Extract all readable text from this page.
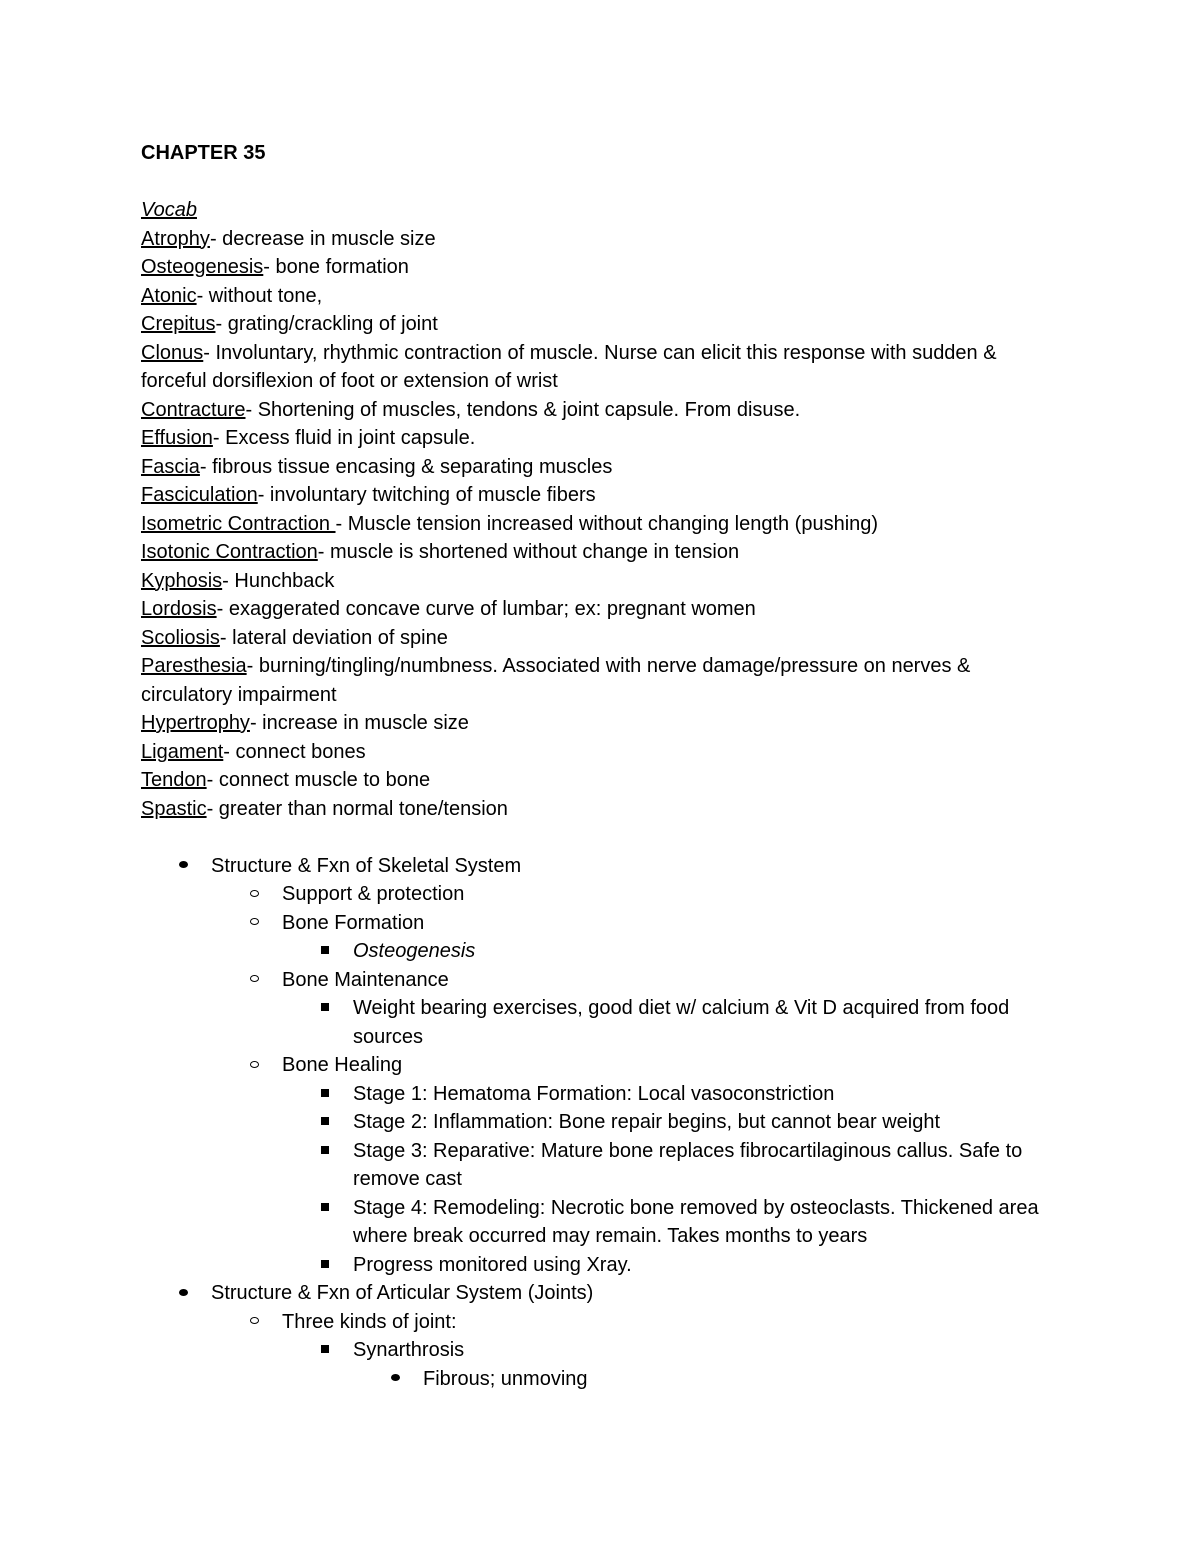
CHAPTER 35
Vocab
Atrophy- decrease in muscle size
Osteogenesis- bone formation
Atonic- without tone,
Crepitus- grating/crackling of joint
Clonus- Involuntary, rhythmic contraction of muscle. Nurse can elicit this response with sudden & forceful dorsiflexion of foot or extension of wrist
Contracture- Shortening of muscles, tendons & joint capsule. From disuse.
Effusion- Excess fluid in joint capsule.
Fascia- fibrous tissue encasing & separating muscles
Fasciculation- involuntary twitching of muscle fibers
Isometric Contraction - Muscle tension increased without changing length (pushing)
Isotonic Contraction- muscle is shortened without change in tension
Kyphosis- Hunchback
Lordosis- exaggerated concave curve of lumbar; ex: pregnant women
Scoliosis- lateral deviation of spine
Paresthesia- burning/tingling/numbness. Associated with nerve damage/pressure on nerves & circulatory impairment
Hypertrophy- increase in muscle size
Ligament- connect bones
Tendon- connect muscle to bone
Spastic- greater than normal tone/tension
Structure & Fxn of Skeletal System
Support & protection
Bone Formation
Osteogenesis
Bone Maintenance
Weight bearing exercises, good diet w/ calcium & Vit D acquired from food sources
Bone Healing
Stage 1: Hematoma Formation: Local vasoconstriction
Stage 2: Inflammation: Bone repair begins, but cannot bear weight
Stage 3: Reparative: Mature bone replaces fibrocartilaginous callus. Safe to remove cast
Stage 4: Remodeling: Necrotic bone removed by osteoclasts. Thickened area where break occurred may remain. Takes months to years
Progress monitored using Xray.
Structure & Fxn of Articular System (Joints)
Three kinds of joint:
Synarthrosis
Fibrous; unmoving
